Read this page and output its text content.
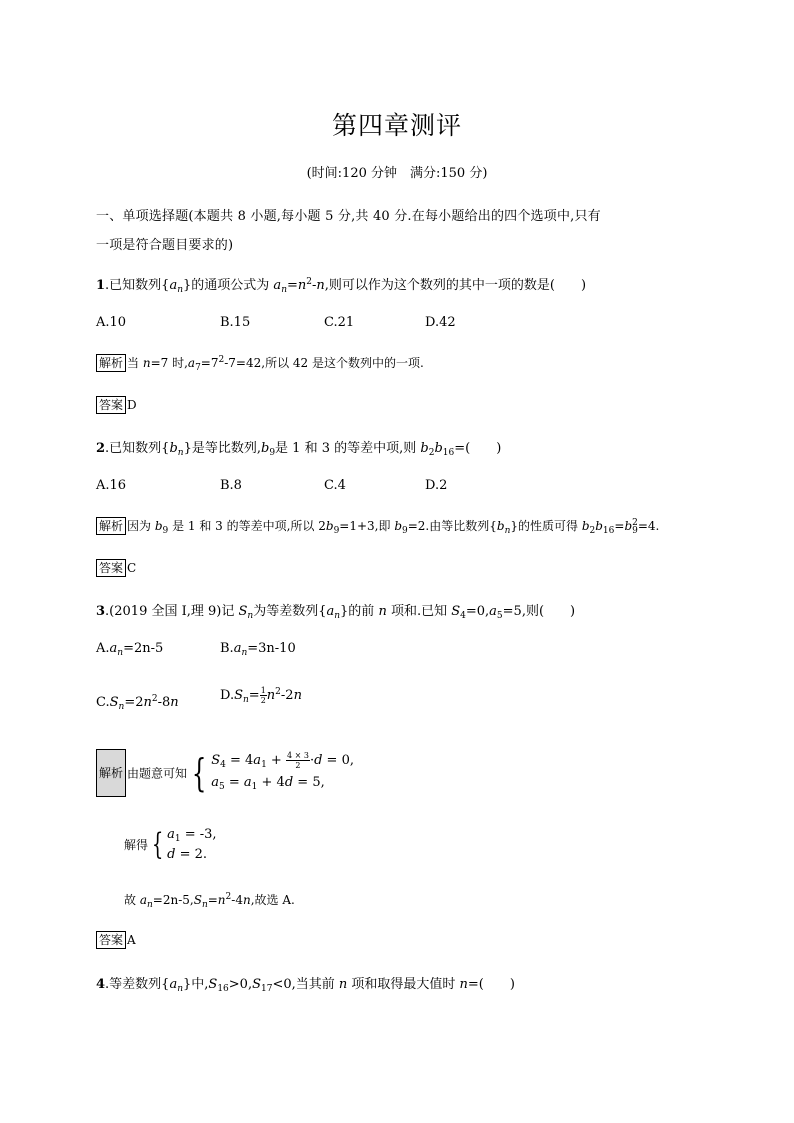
第四章测评
(时间:120 分钟　满分:150 分)
一、单项选择题(本题共 8 小题,每小题 5 分,共 40 分.在每小题给出的四个选项中,只有
一项是符合题目要求的)
1.已知数列$\{a_n\}$的通项公式为 $a_n=n^2-n$,则可以作为这个数列的其中一项的数是(　　)
A.10	B.15	C.21	D.42
解析 当 n=7 时$,a_7=7^2-7=42$,所以 42 是这个数列中的一项.
答案 D
2.已知数列$\{b_n\}$是等比数列$,b_9$是 1 和 3 的等差中项,则 $b_2b_{16}=$(　　)
A.16	B.8	C.4	D.2
解析 因为 $b_9$ 是 1 和 3 的等差中项,所以 $2b_9=1+3$,即 $b_9=2$.由等比数列$\{b_n\}$的性质可得 $b_2b_{16}=b$ 2
9 =4.
答案 C
3.(2019 全国 Ⅰ,理 9)记 $S_n$为等差数列$\{a_n\}$的前 n 项和.已知 $S_4=0,a_5=5$,则(　　)
$A.a_n=2n-5$	$B.a_n=3n-10$
$C.S_n=2n^2-8n$	$D.S_n= \frac{1}{2} n^2-2n$
解析 由题意可知 { $S_4 = 4a_1 + \frac{4 \times 3}{2} \cdot d = 0$,
$a_5 = a_1 + 4d = 5$,
解得 { $a_1 = -3$,
d = 2.
故 $a_n=2n-5,S_n=n^2-4n$,故选 A.
答案 A
4.等差数列$\{a_n\}$中$,S_{16}>0,S_{17}<0$,当其前 n 项和取得最大值时 n=(　　)
